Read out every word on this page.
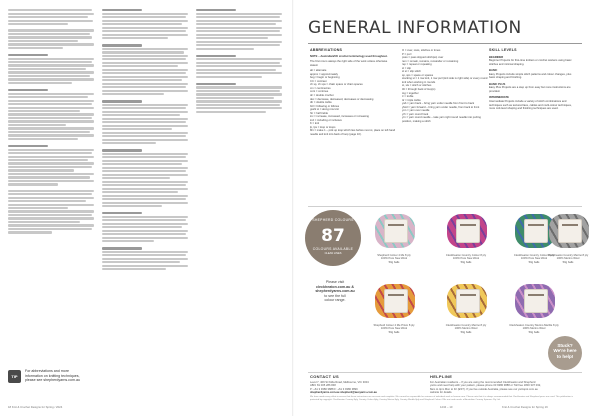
TIP
For abbreviations and more
information on knitting techniques,
please see shepherdyarns.com.au
18 Knit & Crochet Designs for Spring / 2024
GENERAL INFORMATION
ABBREVIATIONS
NOTE – Australian/UK crochet terminology used throughout.
The first row is always the right side of the work unless otherwise stated.
alt = alternate
approx = approximately
beg = begin or beginning
CC = contrast
ch sp, ch sps = chain space or chain spaces
cm = centimetres
cont = continue
dc = double crochet
dec = decrease, decreased, decreases or decreasing
dtr = double treble
foll = following or follows
gst/sl st = along row knit
htr = half treble
inc = increase, increased, increases or increasing
incl = including or inclusive
K = knit
lp, lps = loop or loops
M1 = make 1 – pick up loop which lies before next st, place on left hand needle and knit into back of loop (page 10).
O = over, rows, stitches or times
P = purl
psso = pass slipped stitch(es) over
rem = remain, remains, remainder or remaining
rep = repeat or repeating
sl = slip
sl st = slip stitch
sp, sps = space or spaces
stocking st = 1 row knit, 1 row purl (knit side is right side) or every round knit when working in rounds
st, sts = stitch or stitches
tbl = through back of loop(s)
tog = together
tr = treble
ttr = triple treble
yab = yarn back – bring yarn under needle from front to back
yfwd = yarn forward – bring yarn under needle, from back to front
yon = yarn over needle
yrh = yarn round hook
yrn = yarn round needle – take yarn right round needle into purling position, making a stitch
SKILL LEVELS
BEGINNER
Beginner Projects for first-time knitters or crochet workers using basic stitches and minimal shaping.
BASIC
Easy Projects include simple stitch patterns and colour changes, plus basic shaping and finishing.
BASIC PLUS
Easy Plus Projects are a step up from easy but none instructions are provided.
INTERMEDIATE
Intermediate Projects include a variety of stitch combinations and techniques such as textured lace, cables and multi-colour techniques, more mid-level shaping and finishing techniques are used.
SHEPHERD COLOURS
87
COLOURS AVAILABLE
CLEAN LINES
Please visit
cleckheaton.com.au &
shepherdyarns.com.au
to see the full
colour range.
Shepherd Colour 4 Me 8 ply
100% Pure New Wool
50g balls
Cleckheaton Country Colour 8 ply
100% Pure New Wool
50g balls
Cleckheaton Country Colour 8 ply
100% Pure New Wool
50g balls
Cleckheaton Country Merino 8 ply
100% Merino Wool
50g balls
Shepherd Colour 4 Me Prism 8 ply
100% Pure New Wool
50g balls
Cleckheaton Country Merino 8 ply
100% Merino Wool
50g balls
Cleckheaton Country Merino Marble 8 ply
100% Merino Wool
50g balls
Stuck?
We're here
to help!
CONTACT US
Level 7, 409 St Kilda Road, Melbourne, VIC 3004
ABN: 81 005 286 848
P: +61 3 9380 3888 F: +61 3 9380 3899
shepherdyarns.com.au shepherd@ausyarns.com.au
HELPLINE
For Australian residents – If you are using the recommended Cleckheaton and Shepherd yarns and need help with your pattern, please phone 03 9380 3888 or Toll free 1800 337 032, 8am to 4pm Mon to Fri (EST). If you live outside Australia, please see our yarnspot.com.au website for details.
We have made every effort to ensure that these instructions are accurate and complete. We cannot be responsible for variance of individual work or human error. Please note that it is always recommended that Cleckheaton and Shepherd yarns are used. This publication is protected by copyright. Cleckheaton Country 8ply, Country Colour 8ply, Country Merino 8ply, Country Marble 8ply and Shepherd Colour 4 Me are trade marks of Australian Country Spinners Pty Ltd.
1234 – 10	Knit & Crochet Designs for Spring 19
